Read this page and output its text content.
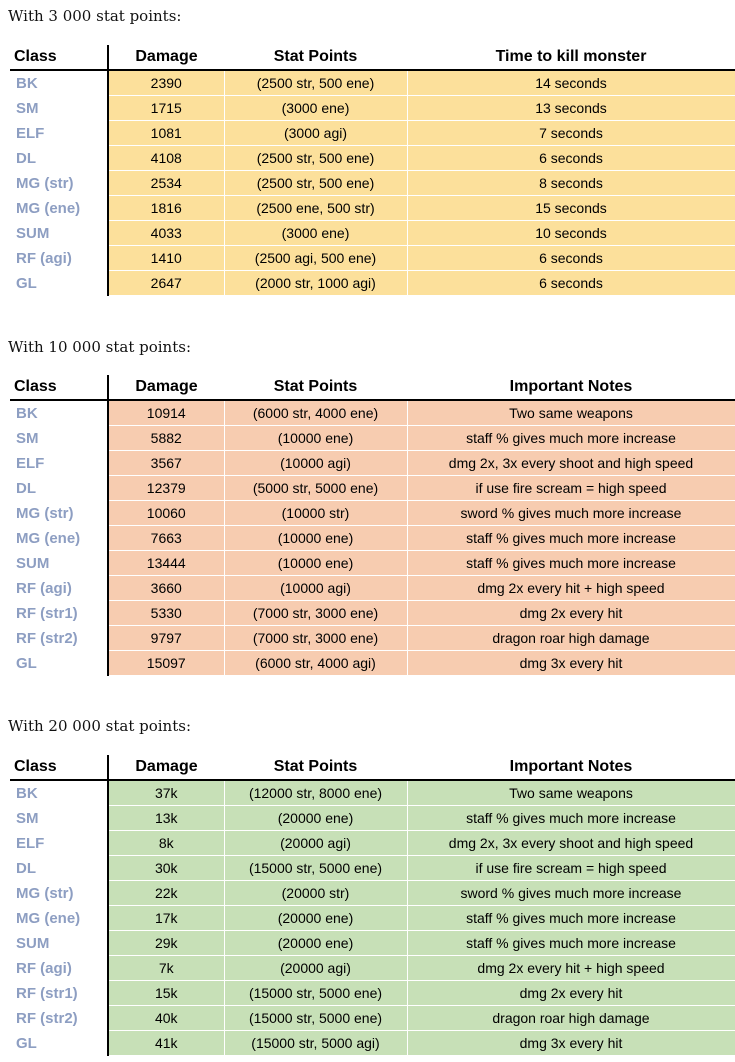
With 3 000 stat points:
Class	Damage	Stat Points	Time to kill monster
BK	2390	(2500 str, 500 ene)	14 seconds
SM	1715	(3000 ene)	13 seconds
ELF	1081	(3000 agi)	7 seconds
DL	4108	(2500 str, 500 ene)	6 seconds
MG (str)	2534	(2500 str, 500 ene)	8 seconds
MG (ene)	1816	(2500 ene, 500 str)	15 seconds
SUM	4033	(3000 ene)	10 seconds
RF (agi)	1410	(2500 agi, 500 ene)	6 seconds
GL	2647	(2000 str, 1000 agi)	6 seconds
With 10 000 stat points:
Class	Damage	Stat Points	Important Notes
BK	10914	(6000 str, 4000 ene)	Two same weapons
SM	5882	(10000 ene)	staff % gives much more increase
ELF	3567	(10000 agi)	dmg 2x, 3x every shoot and high speed
DL	12379	(5000 str, 5000 ene)	if use fire scream = high speed
MG (str)	10060	(10000 str)	sword % gives much more increase
MG (ene)	7663	(10000 ene)	staff % gives much more increase
SUM	13444	(10000 ene)	staff % gives much more increase
RF (agi)	3660	(10000 agi)	dmg 2x every hit + high speed
RF (str1)	5330	(7000 str, 3000 ene)	dmg 2x every hit
RF (str2)	9797	(7000 str, 3000 ene)	dragon roar high damage
GL	15097	(6000 str, 4000 agi)	dmg 3x every hit
With 20 000 stat points:
Class	Damage	Stat Points	Important Notes
BK	37k	(12000 str, 8000 ene)	Two same weapons
SM	13k	(20000 ene)	staff % gives much more increase
ELF	8k	(20000 agi)	dmg 2x, 3x every shoot and high speed
DL	30k	(15000 str, 5000 ene)	if use fire scream = high speed
MG (str)	22k	(20000 str)	sword % gives much more increase
MG (ene)	17k	(20000 ene)	staff % gives much more increase
SUM	29k	(20000 ene)	staff % gives much more increase
RF (agi)	7k	(20000 agi)	dmg 2x every hit + high speed
RF (str1)	15k	(15000 str, 5000 ene)	dmg 2x every hit
RF (str2)	40k	(15000 str, 5000 ene)	dragon roar high damage
GL	41k	(15000 str, 5000 agi)	dmg 3x every hit
